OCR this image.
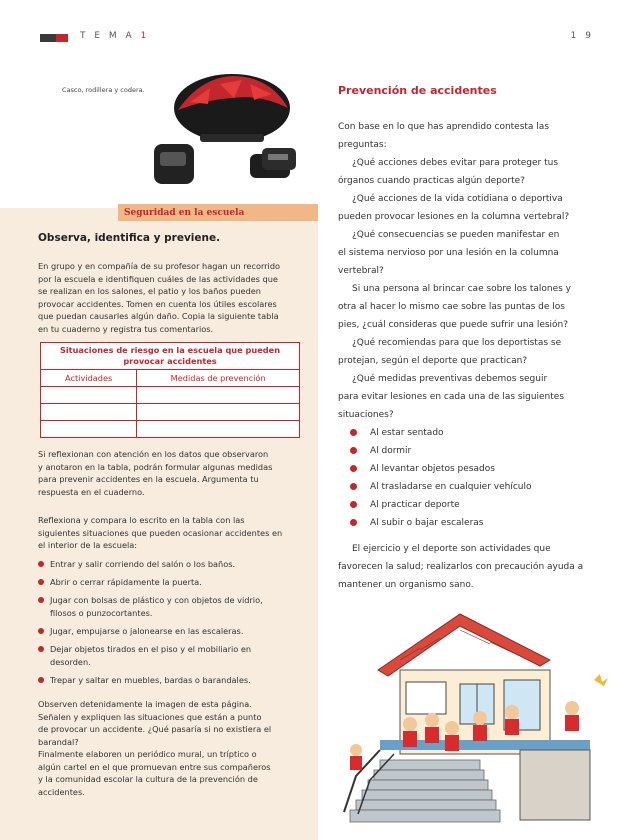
T E M A 1	1 9
Casco, rodillera y codera.
Seguridad en la escuela
Observa, identifica y previene.
En grupo y en compañía de su profesor hagan un recorrido
por la escuela e identifiquen cuáles de las actividades que
se realizan en los salones, el patio y los baños pueden
provocar accidentes. Tomen en cuenta los útiles escolares
que puedan causarles algún daño. Copia la siguiente tabla
en tu cuaderno y registra tus comentarios.
Situaciones de riesgo en la escuela que pueden provocar accidentes	
Actividades	Medidas de prevención

Si reflexionan con atención en los datos que observaron
y anotaron en la tabla, podrán formular algunas medidas
para prevenir accidentes en la escuela. Argumenta tu
respuesta en el cuaderno.
Reflexiona y compara lo escrito en la tabla con las
siguientes situaciones que pueden ocasionar accidentes en
el interior de la escuela:
Entrar y salir corriendo del salón o los baños.
Abrir o cerrar rápidamente la puerta.
Jugar con bolsas de plástico y con objetos de vidrio,
filosos o punzocortantes.
Jugar, empujarse o jalonearse en las escaleras.
Dejar objetos tirados en el piso y el mobiliario en
desorden.
Trepar y saltar en muebles, bardas o barandales.
Observen detenidamente la imagen de esta página.
Señalen y expliquen las situaciones que están a punto
de provocar un accidente. ¿Qué pasaría si no existiera el
barandal?
Finalmente elaboren un periódico mural, un tríptico o
algún cartel en el que promuevan entre sus compañeros
y la comunidad escolar la cultura de la prevención de
accidentes.
Prevención de accidentes
Con base en lo que has aprendido contesta las
preguntas:
¿Qué acciones debes evitar para proteger tus
órganos cuando practicas algún deporte?
¿Qué acciones de la vida cotidiana o deportiva
pueden provocar lesiones en la columna vertebral?
¿Qué consecuencias se pueden manifestar en
el sistema nervioso por una lesión en la columna
vertebral?
Si una persona al brincar cae sobre los talones y
otra al hacer lo mismo cae sobre las puntas de los
pies, ¿cuál consideras que puede sufrir una lesión?
¿Qué recomiendas para que los deportistas se
protejan, según el deporte que practican?
¿Qué medidas preventivas debemos seguir
para evitar lesiones en cada una de las siguientes
situaciones?
Al estar sentado
Al dormir
Al levantar objetos pesados
Al trasladarse en cualquier vehículo
Al practicar deporte
Al subir o bajar escaleras
El ejercicio y el deporte son actividades que
favorecen la salud; realizarlos con precaución ayuda a
mantener un organismo sano.
